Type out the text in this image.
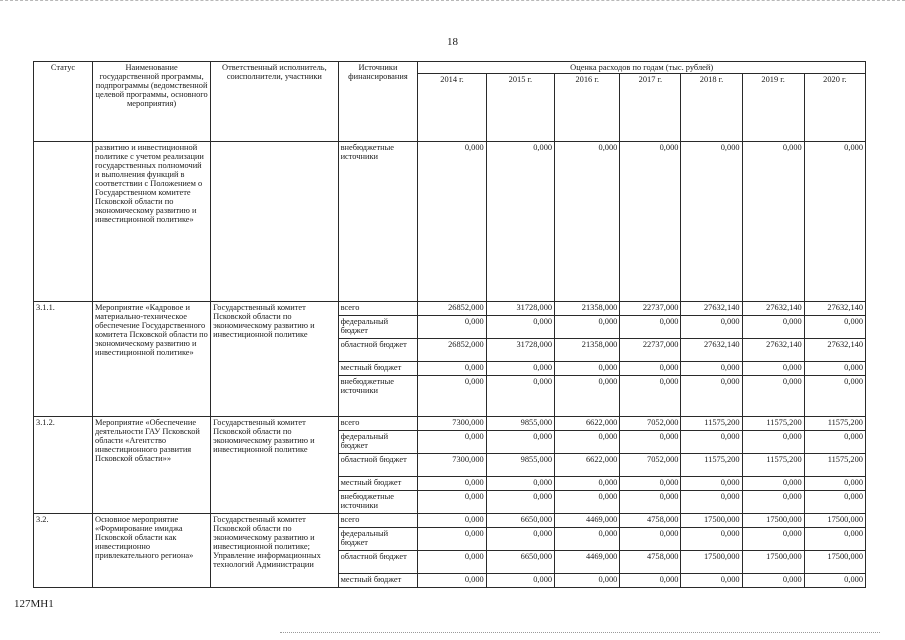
18
Статус	Наименование государственной программы, подпрограммы (ведомственной целевой программы, основного мероприятия)	Ответственный исполнитель, соисполнители, участники	Источники финансирования	Оценка расходов по годам (тыс. рублей)						
				2014 г.	2015 г.	2016 г.	2017 г.	2018 г.	2019 г.	2020 г.
	развитию и инвестиционной политике с учетом реализации государственных полномочий и выполнения функций в соответствии с Положением о Государственном комитете Псковской области по экономическому развитию и инвестиционной политике»		внебюджетные источники	0,000	0,000	0,000	0,000	0,000	0,000	0,000
3.1.1.	Мероприятие «Кадровое и материально-техническое обеспечение Государственного комитета Псковской области по экономическому развитию и инвестиционной политике»	Государственный комитет Псковской области по экономическому развитию и инвестиционной политике	всего	26852,000	31728,000	21358,000	22737,000	27632,140	27632,140	27632,140
			федеральный бюджет	0,000	0,000	0,000	0,000	0,000	0,000	0,000
			областной бюджет	26852,000	31728,000	21358,000	22737,000	27632,140	27632,140	27632,140
			местный бюджет	0,000	0,000	0,000	0,000	0,000	0,000	0,000
			внебюджетные источники	0,000	0,000	0,000	0,000	0,000	0,000	0,000
3.1.2.	Мероприятие «Обеспечение деятельности ГАУ Псковской области «Агентство инвестиционного развития Псковской области»»	Государственный комитет Псковской области по экономическому развитию и инвестиционной политике	всего	7300,000	9855,000	6622,000	7052,000	11575,200	11575,200	11575,200
			федеральный бюджет	0,000	0,000	0,000	0,000	0,000	0,000	0,000
			областной бюджет	7300,000	9855,000	6622,000	7052,000	11575,200	11575,200	11575,200
			местный бюджет	0,000	0,000	0,000	0,000	0,000	0,000	0,000
			внебюджетные источники	0,000	0,000	0,000	0,000	0,000	0,000	0,000
3.2.	Основное мероприятие «Формирование имиджа Псковской области как инвестиционно привлекательного региона»	Государственный комитет Псковской области по экономическому развитию и инвестиционной политике; Управление информационных технологий Администрации	всего	0,000	6650,000	4469,000	4758,000	17500,000	17500,000	17500,000
			федеральный бюджет	0,000	0,000	0,000	0,000	0,000	0,000	0,000
			областной бюджет	0,000	6650,000	4469,000	4758,000	17500,000	17500,000	17500,000
			местный бюджет	0,000	0,000	0,000	0,000	0,000	0,000	0,000
127МН1
